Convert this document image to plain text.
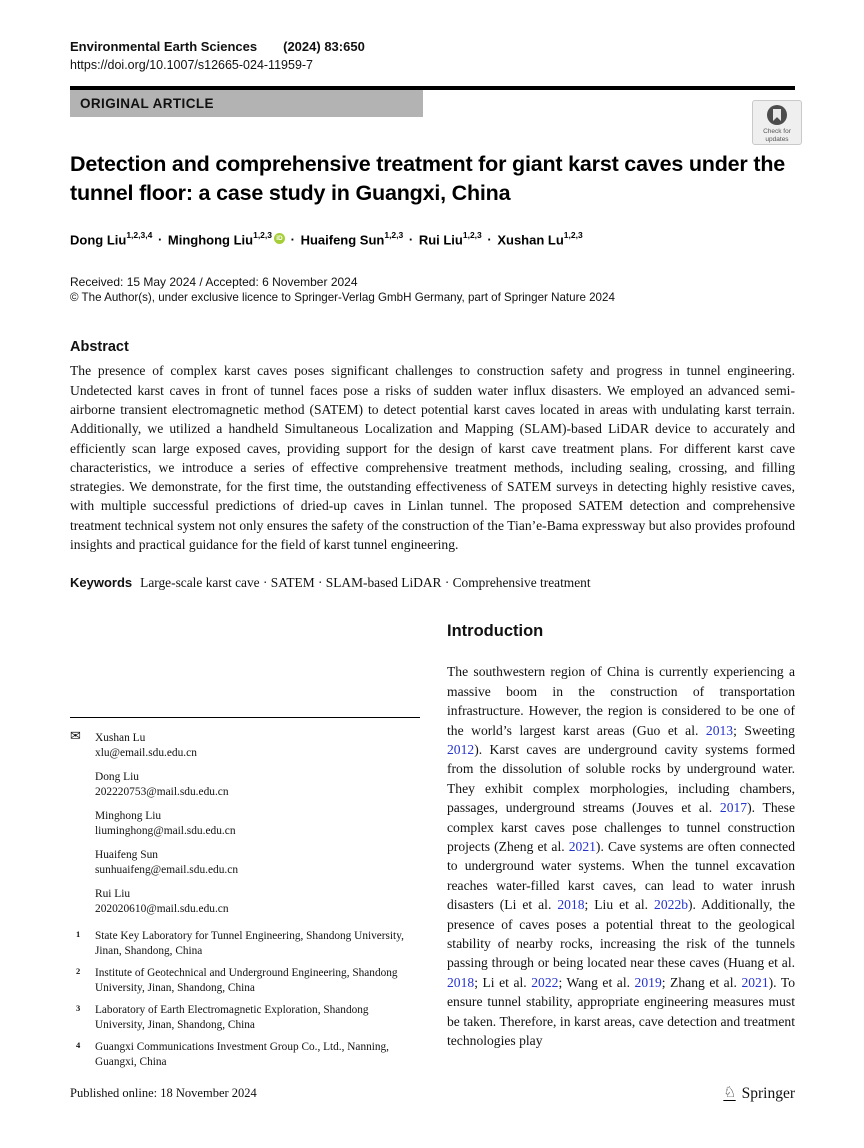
Environmental Earth Sciences (2024) 83:650
https://doi.org/10.1007/s12665-024-11959-7
ORIGINAL ARTICLE
Check for
updates
Detection and comprehensive treatment for giant karst caves under the tunnel floor: a case study in Guangxi, China
Dong Liu$^{1,2,3,4}$ · Minghong Liu$^{1,2,3}$ iD · Huaifeng Sun$^{1,2,3}$ · Rui Liu$^{1,2,3}$ · Xushan Lu$^{1,2,3}$
Received: 15 May 2024 / Accepted: 6 November 2024
© The Author(s), under exclusive licence to Springer-Verlag GmbH Germany, part of Springer Nature 2024
Abstract

The presence of complex karst caves poses significant challenges to construction safety and progress in tunnel engineering. Undetected karst caves in front of tunnel faces pose a risks of sudden water influx disasters. We employed an advanced semi-airborne transient electromagnetic method (SATEM) to detect potential karst caves located in areas with undulating karst terrain. Additionally, we utilized a handheld Simultaneous Localization and Mapping (SLAM)-based LiDAR device to accurately and efficiently scan large exposed caves, providing support for the design of karst cave treatment plans. For different karst cave characteristics, we introduce a series of effective comprehensive treatment methods, including sealing, crossing, and filling strategies. We demonstrate, for the first time, the outstanding effectiveness of SATEM surveys in detecting highly resistive caves, with multiple successful predictions of dried-up caves in Linlan tunnel. The proposed SATEM detection and comprehensive treatment technical system not only ensures the safety of the construction of the Tian’e-Bama expressway but also provides profound insights and practical guidance for the field of karst tunnel engineering.

Keywords Large-scale karst cave · SATEM · SLAM-based LiDAR · Comprehensive treatment
✉ Xushan Lu
xlu@email.sdu.edu.cn
Dong Liu
202220753@mail.sdu.edu.cn
Minghong Liu
liuminghong@mail.sdu.edu.cn
Huaifeng Sun
sunhuaifeng@email.sdu.edu.cn
Rui Liu
202020610@mail.sdu.edu.cn
1 State Key Laboratory for Tunnel Engineering, Shandong University, Jinan, Shandong, China
2 Institute of Geotechnical and Underground Engineering, Shandong University, Jinan, Shandong, China
3 Laboratory of Earth Electromagnetic Exploration, Shandong University, Jinan, Shandong, China
4 Guangxi Communications Investment Group Co., Ltd., Nanning, Guangxi, China
Introduction

The southwestern region of China is currently experiencing a massive boom in the construction of transportation infrastructure. However, the region is considered to be one of the world’s largest karst areas (Guo et al. 2013; Sweeting 2012). Karst caves are underground cavity systems formed from the dissolution of soluble rocks by underground water. They exhibit complex morphologies, including chambers, passages, underground streams (Jouves et al. 2017). These complex karst caves pose challenges to tunnel construction projects (Zheng et al. 2021). Cave systems are often connected to underground water systems. When the tunnel excavation reaches water-filled karst caves, can lead to water inrush disasters (Li et al. 2018; Liu et al. 2022b). Additionally, the presence of caves poses a potential threat to the geological stability of nearby rocks, increasing the risk of the tunnels passing through or being located near these caves (Huang et al. 2018; Li et al. 2022; Wang et al. 2019; Zhang et al. 2021). To ensure tunnel stability, appropriate engineering measures must be taken. Therefore, in karst areas, cave detection and treatment technologies play

Published online: 18 November 2024	♘ Springer
